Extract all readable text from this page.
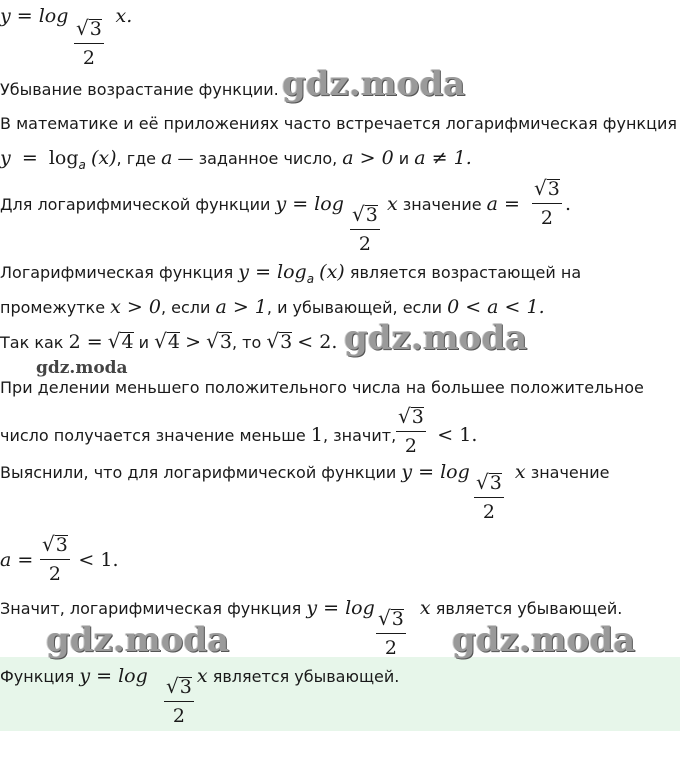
y = log x.
$\frac{√3}{2}$
Убывание возрастание функции.
В математике и её приложениях часто встречается логарифмическая функция
$y = \log_a (x)$, где a — заданное число, a > 0 и a ≠ 1.
Для логарифмической функции y = log x значение a = .
$\frac{√3}{2}$	$\frac{√3}{2}$
Логарифмическая функция $y = \log_a (x)$ является возрастающей на
промежутке x > 0, если a > 1, и убывающей, если 0 < a < 1.
Так как 2 = √4 и √4 > √3, то √3 < 2.
При делении меньшего положительного числа на большее положительное
число получается значение меньше 1, значит, < 1.
$\frac{√3}{2}$
Выяснили, что для логарифмической функции y = log x значение
$\frac{√3}{2}$
a = < 1.
$\frac{√3}{2}$
Значит, логарифмическая функция y = log x является убывающей.
$\frac{√3}{2}$
Функция y = log	x является убывающей.
$\frac{√3}{2}$
gdz.moda
gdz.moda
gdz.moda
gdz.moda	gdz.moda
